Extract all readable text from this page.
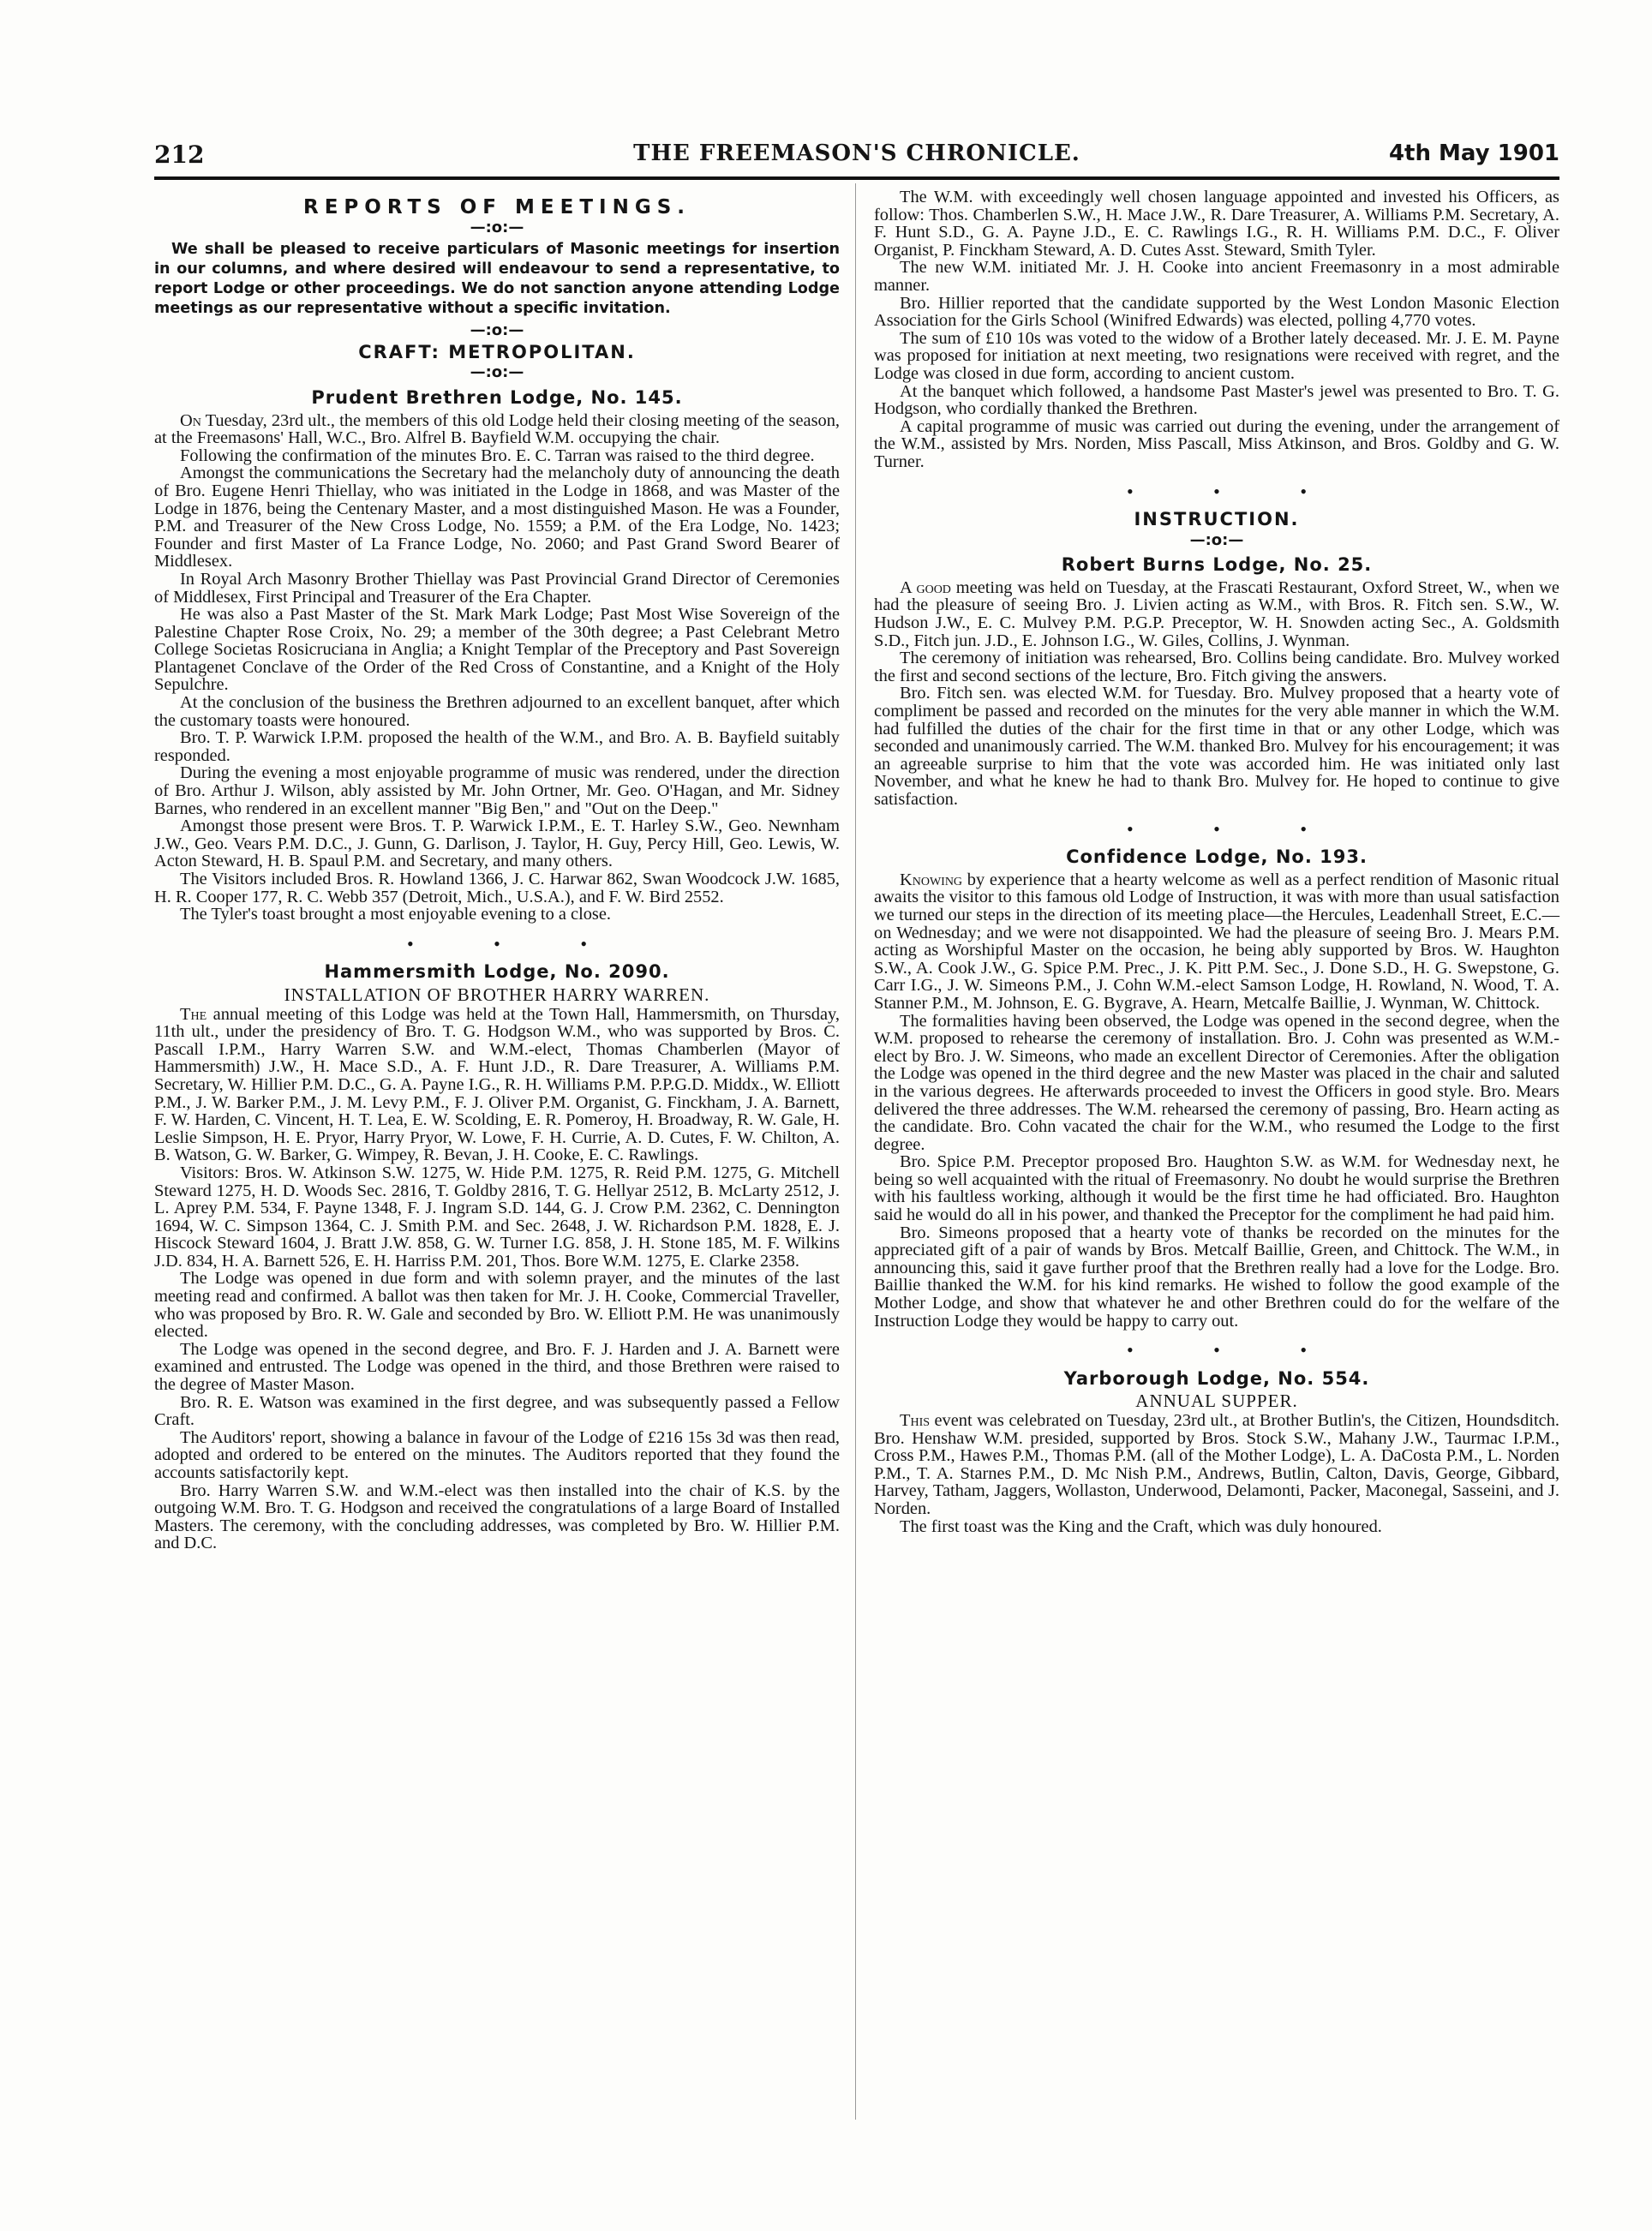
212	THE FREEMASON'S CHRONICLE.	4th May 1901
REPORTS OF MEETINGS.
—:o:—

We shall be pleased to receive particulars of Masonic meetings for insertion in our columns, and where desired will endeavour to send a representative, to report Lodge or other proceedings. We do not sanction anyone attending Lodge meetings as our representative without a specific invitation.

—:o:—
CRAFT: METROPOLITAN.
—:o:—
Prudent Brethren Lodge, No. 145.

On Tuesday, 23rd ult., the members of this old Lodge held their closing meeting of the season, at the Freemasons' Hall, W.C., Bro. Alfrel B. Bayfield W.M. occupying the chair.

Following the confirmation of the minutes Bro. E. C. Tarran was raised to the third degree.

Amongst the communications the Secretary had the melancholy duty of announcing the death of Bro. Eugene Henri Thiellay, who was initiated in the Lodge in 1868, and was Master of the Lodge in 1876, being the Centenary Master, and a most distinguished Mason. He was a Founder, P.M. and Treasurer of the New Cross Lodge, No. 1559; a P.M. of the Era Lodge, No. 1423; Founder and first Master of La France Lodge, No. 2060; and Past Grand Sword Bearer of Middlesex.

In Royal Arch Masonry Brother Thiellay was Past Provincial Grand Director of Ceremonies of Middlesex, First Principal and Treasurer of the Era Chapter.

He was also a Past Master of the St. Mark Mark Lodge; Past Most Wise Sovereign of the Palestine Chapter Rose Croix, No. 29; a member of the 30th degree; a Past Celebrant Metro College Societas Rosicruciana in Anglia; a Knight Templar of the Preceptory and Past Sovereign Plantagenet Conclave of the Order of the Red Cross of Constantine, and a Knight of the Holy Sepulchre.

At the conclusion of the business the Brethren adjourned to an excellent banquet, after which the customary toasts were honoured.

Bro. T. P. Warwick I.P.M. proposed the health of the W.M., and Bro. A. B. Bayfield suitably responded.

During the evening a most enjoyable programme of music was rendered, under the direction of Bro. Arthur J. Wilson, ably assisted by Mr. John Ortner, Mr. Geo. O'Hagan, and Mr. Sidney Barnes, who rendered in an excellent manner "Big Ben," and "Out on the Deep."

Amongst those present were Bros. T. P. Warwick I.P.M., E. T. Harley S.W., Geo. Newnham J.W., Geo. Vears P.M. D.C., J. Gunn, G. Darlison, J. Taylor, H. Guy, Percy Hill, Geo. Lewis, W. Acton Steward, H. B. Spaul P.M. and Secretary, and many others.

The Visitors included Bros. R. Howland 1366, J. C. Harwar 862, Swan Woodcock J.W. 1685, H. R. Cooper 177, R. C. Webb 357 (Detroit, Mich., U.S.A.), and F. W. Bird 2552.

The Tyler's toast brought a most enjoyable evening to a close.

• • •
Hammersmith Lodge, No. 2090.
INSTALLATION OF BROTHER HARRY WARREN.

The annual meeting of this Lodge was held at the Town Hall, Hammersmith, on Thursday, 11th ult., under the presidency of Bro. T. G. Hodgson W.M., who was supported by Bros. C. Pascall I.P.M., Harry Warren S.W. and W.M.-elect, Thomas Chamberlen (Mayor of Hammersmith) J.W., H. Mace S.D., A. F. Hunt J.D., R. Dare Treasurer, A. Williams P.M. Secretary, W. Hillier P.M. D.C., G. A. Payne I.G., R. H. Williams P.M. P.P.G.D. Middx., W. Elliott P.M., J. W. Barker P.M., J. M. Levy P.M., F. J. Oliver P.M. Organist, G. Finckham, J. A. Barnett, F. W. Harden, C. Vincent, H. T. Lea, E. W. Scolding, E. R. Pomeroy, H. Broadway, R. W. Gale, H. Leslie Simpson, H. E. Pryor, Harry Pryor, W. Lowe, F. H. Currie, A. D. Cutes, F. W. Chilton, A. B. Watson, G. W. Barker, G. Wimpey, R. Bevan, J. H. Cooke, E. C. Rawlings.

Visitors: Bros. W. Atkinson S.W. 1275, W. Hide P.M. 1275, R. Reid P.M. 1275, G. Mitchell Steward 1275, H. D. Woods Sec. 2816, T. Goldby 2816, T. G. Hellyar 2512, B. McLarty 2512, J. L. Aprey P.M. 534, F. Payne 1348, F. J. Ingram S.D. 144, G. J. Crow P.M. 2362, C. Dennington 1694, W. C. Simpson 1364, C. J. Smith P.M. and Sec. 2648, J. W. Richardson P.M. 1828, E. J. Hiscock Steward 1604, J. Bratt J.W. 858, G. W. Turner I.G. 858, J. H. Stone 185, M. F. Wilkins J.D. 834, H. A. Barnett 526, E. H. Harriss P.M. 201, Thos. Bore W.M. 1275, E. Clarke 2358.

The Lodge was opened in due form and with solemn prayer, and the minutes of the last meeting read and confirmed. A ballot was then taken for Mr. J. H. Cooke, Commercial Traveller, who was proposed by Bro. R. W. Gale and seconded by Bro. W. Elliott P.M. He was unanimously elected.

The Lodge was opened in the second degree, and Bro. F. J. Harden and J. A. Barnett were examined and entrusted. The Lodge was opened in the third, and those Brethren were raised to the degree of Master Mason.

Bro. R. E. Watson was examined in the first degree, and was subsequently passed a Fellow Craft.

The Auditors' report, showing a balance in favour of the Lodge of £216 15s 3d was then read, adopted and ordered to be entered on the minutes. The Auditors reported that they found the accounts satisfactorily kept.

Bro. Harry Warren S.W. and W.M.-elect was then installed into the chair of K.S. by the outgoing W.M. Bro. T. G. Hodgson and received the congratulations of a large Board of Installed Masters. The ceremony, with the concluding addresses, was completed by Bro. W. Hillier P.M. and D.C.

The W.M. with exceedingly well chosen language appointed and invested his Officers, as follow: Thos. Chamberlen S.W., H. Mace J.W., R. Dare Treasurer, A. Williams P.M. Secretary, A. F. Hunt S.D., G. A. Payne J.D., E. C. Rawlings I.G., R. H. Williams P.M. D.C., F. Oliver Organist, P. Finckham Steward, A. D. Cutes Asst. Steward, Smith Tyler.

The new W.M. initiated Mr. J. H. Cooke into ancient Freemasonry in a most admirable manner.

Bro. Hillier reported that the candidate supported by the West London Masonic Election Association for the Girls School (Winifred Edwards) was elected, polling 4,770 votes.

The sum of £10 10s was voted to the widow of a Brother lately deceased. Mr. J. E. M. Payne was proposed for initiation at next meeting, two resignations were received with regret, and the Lodge was closed in due form, according to ancient custom.

At the banquet which followed, a handsome Past Master's jewel was presented to Bro. T. G. Hodgson, who cordially thanked the Brethren.

A capital programme of music was carried out during the evening, under the arrangement of the W.M., assisted by Mrs. Norden, Miss Pascall, Miss Atkinson, and Bros. Goldby and G. W. Turner.

• • •
INSTRUCTION.
—:o:—
Robert Burns Lodge, No. 25.

A good meeting was held on Tuesday, at the Frascati Restaurant, Oxford Street, W., when we had the pleasure of seeing Bro. J. Livien acting as W.M., with Bros. R. Fitch sen. S.W., W. Hudson J.W., E. C. Mulvey P.M. P.G.P. Preceptor, W. H. Snowden acting Sec., A. Goldsmith S.D., Fitch jun. J.D., E. Johnson I.G., W. Giles, Collins, J. Wynman.

The ceremony of initiation was rehearsed, Bro. Collins being candidate. Bro. Mulvey worked the first and second sections of the lecture, Bro. Fitch giving the answers.

Bro. Fitch sen. was elected W.M. for Tuesday. Bro. Mulvey proposed that a hearty vote of compliment be passed and recorded on the minutes for the very able manner in which the W.M. had fulfilled the duties of the chair for the first time in that or any other Lodge, which was seconded and unanimously carried. The W.M. thanked Bro. Mulvey for his encouragement; it was an agreeable surprise to him that the vote was accorded him. He was initiated only last November, and what he knew he had to thank Bro. Mulvey for. He hoped to continue to give satisfaction.

• • •
Confidence Lodge, No. 193.

Knowing by experience that a hearty welcome as well as a perfect rendition of Masonic ritual awaits the visitor to this famous old Lodge of Instruction, it was with more than usual satisfaction we turned our steps in the direction of its meeting place—the Hercules, Leadenhall Street, E.C.—on Wednesday; and we were not disappointed. We had the pleasure of seeing Bro. J. Mears P.M. acting as Worshipful Master on the occasion, he being ably supported by Bros. W. Haughton S.W., A. Cook J.W., G. Spice P.M. Prec., J. K. Pitt P.M. Sec., J. Done S.D., H. G. Swepstone, G. Carr I.G., J. W. Simeons P.M., J. Cohn W.M.-elect Samson Lodge, H. Rowland, N. Wood, T. A. Stanner P.M., M. Johnson, E. G. Bygrave, A. Hearn, Metcalfe Baillie, J. Wynman, W. Chittock.

The formalities having been observed, the Lodge was opened in the second degree, when the W.M. proposed to rehearse the ceremony of installation. Bro. J. Cohn was presented as W.M.-elect by Bro. J. W. Simeons, who made an excellent Director of Ceremonies. After the obligation the Lodge was opened in the third degree and the new Master was placed in the chair and saluted in the various degrees. He afterwards proceeded to invest the Officers in good style. Bro. Mears delivered the three addresses. The W.M. rehearsed the ceremony of passing, Bro. Hearn acting as the candidate. Bro. Cohn vacated the chair for the W.M., who resumed the Lodge to the first degree.

Bro. Spice P.M. Preceptor proposed Bro. Haughton S.W. as W.M. for Wednesday next, he being so well acquainted with the ritual of Freemasonry. No doubt he would surprise the Brethren with his faultless working, although it would be the first time he had officiated. Bro. Haughton said he would do all in his power, and thanked the Preceptor for the compliment he had paid him.

Bro. Simeons proposed that a hearty vote of thanks be recorded on the minutes for the appreciated gift of a pair of wands by Bros. Metcalf Baillie, Green, and Chittock. The W.M., in announcing this, said it gave further proof that the Brethren really had a love for the Lodge. Bro. Baillie thanked the W.M. for his kind remarks. He wished to follow the good example of the Mother Lodge, and show that whatever he and other Brethren could do for the welfare of the Instruction Lodge they would be happy to carry out.

• • •
Yarborough Lodge, No. 554.
ANNUAL SUPPER.

This event was celebrated on Tuesday, 23rd ult., at Brother Butlin's, the Citizen, Houndsditch. Bro. Henshaw W.M. presided, supported by Bros. Stock S.W., Mahany J.W., Taurmac I.P.M., Cross P.M., Hawes P.M., Thomas P.M. (all of the Mother Lodge), L. A. DaCosta P.M., L. Norden P.M., T. A. Starnes P.M., D. Mc Nish P.M., Andrews, Butlin, Calton, Davis, George, Gibbard, Harvey, Tatham, Jaggers, Wollaston, Underwood, Delamonti, Packer, Maconegal, Sasseini, and J. Norden.

The first toast was the King and the Craft, which was duly honoured.
